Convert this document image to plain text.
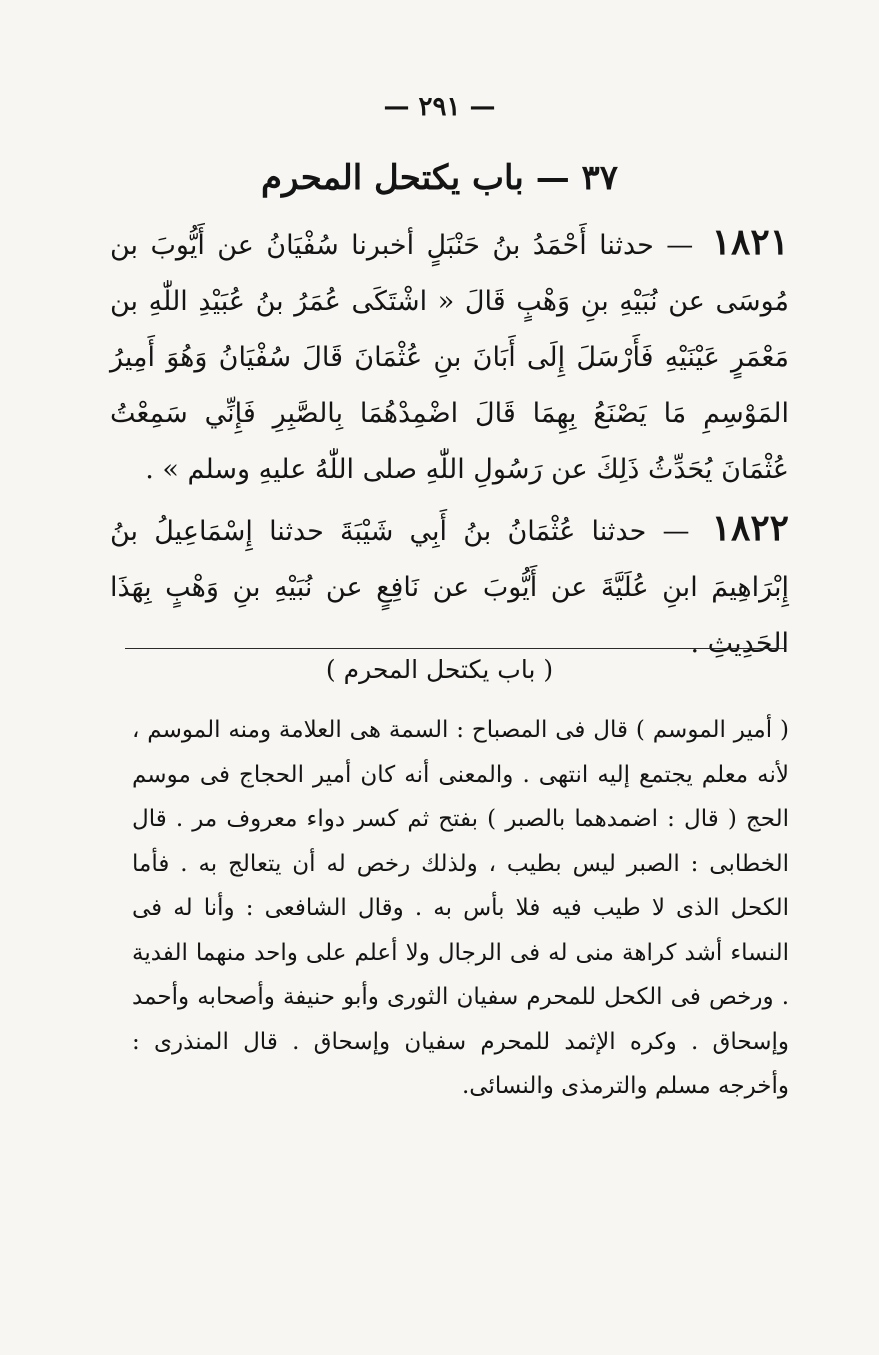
— ٢٩١ —
٣٧ — باب يكتحل المحرم
١٨٢١ — حدثنا أَحْمَدُ بنُ حَنْبَلٍ أخبرنا سُفْيَانُ عن أَيُّوبَ بن مُوسَى عن نُبَيْهِ بنِ وَهْبٍ قَالَ « اشْتَكَى عُمَرُ بنُ عُبَيْدِ اللّٰهِ بن مَعْمَرٍ عَيْنَيْهِ فَأَرْسَلَ إِلَى أَبَانَ بنِ عُثْمَانَ قَالَ سُفْيَانُ وَهُوَ أَمِيرُ المَوْسِمِ مَا يَصْنَعُ بِهِمَا قَالَ اضْمِدْهُمَا بِالصَّبِرِ فَإِنِّي سَمِعْتُ عُثْمَانَ يُحَدِّثُ ذَلِكَ عن رَسُولِ اللّٰهِ صلى اللّٰهُ عليهِ وسلم » .
١٨٢٢ — حدثنا عُثْمَانُ بنُ أَبِي شَيْبَةَ حدثنا إِسْمَاعِيلُ بنُ إِبْرَاهِيمَ ابنِ عُلَيَّةَ عن أَيُّوبَ عن نَافِعٍ عن نُبَيْهِ بنِ وَهْبٍ بِهَذَا الحَدِيثِ .
( باب يكتحل المحرم )
( أمير الموسم ) قال فى المصباح : السمة هى العلامة ومنه الموسم ، لأنه معلم يجتمع إليه انتهى . والمعنى أنه كان أمير الحجاج فى موسم الحج ( قال : اضمدهما بالصبر ) بفتح ثم كسر دواء معروف مر . قال الخطابى : الصبر ليس بطيب ، ولذلك رخص له أن يتعالج به . فأما الكحل الذى لا طيب فيه فلا بأس به . وقال الشافعى : وأنا له فى النساء أشد كراهة منى له فى الرجال ولا أعلم على واحد منهما الفدية . ورخص فى الكحل للمحرم سفيان الثورى وأبو حنيفة وأصحابه وأحمد وإسحاق . وكره الإثمد للمحرم سفيان وإسحاق . قال المنذرى : وأخرجه مسلم والترمذى والنسائى.
